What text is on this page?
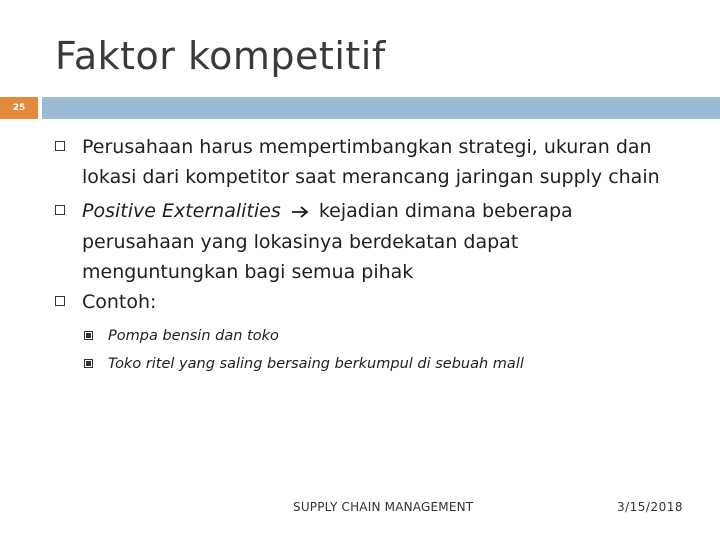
Faktor kompetitif
25
Perusahaan harus mempertimbangkan strategi, ukuran dan
lokasi dari kompetitor saat merancang jaringan supply chain
Positive Externalities kejadian dimana beberapa
perusahaan yang lokasinya berdekatan dapat
menguntungkan bagi semua pihak
Contoh:
Pompa bensin dan toko
Toko ritel yang saling bersaing berkumpul di sebuah mall
SUPPLY CHAIN MANAGEMENT	3/15/2018
